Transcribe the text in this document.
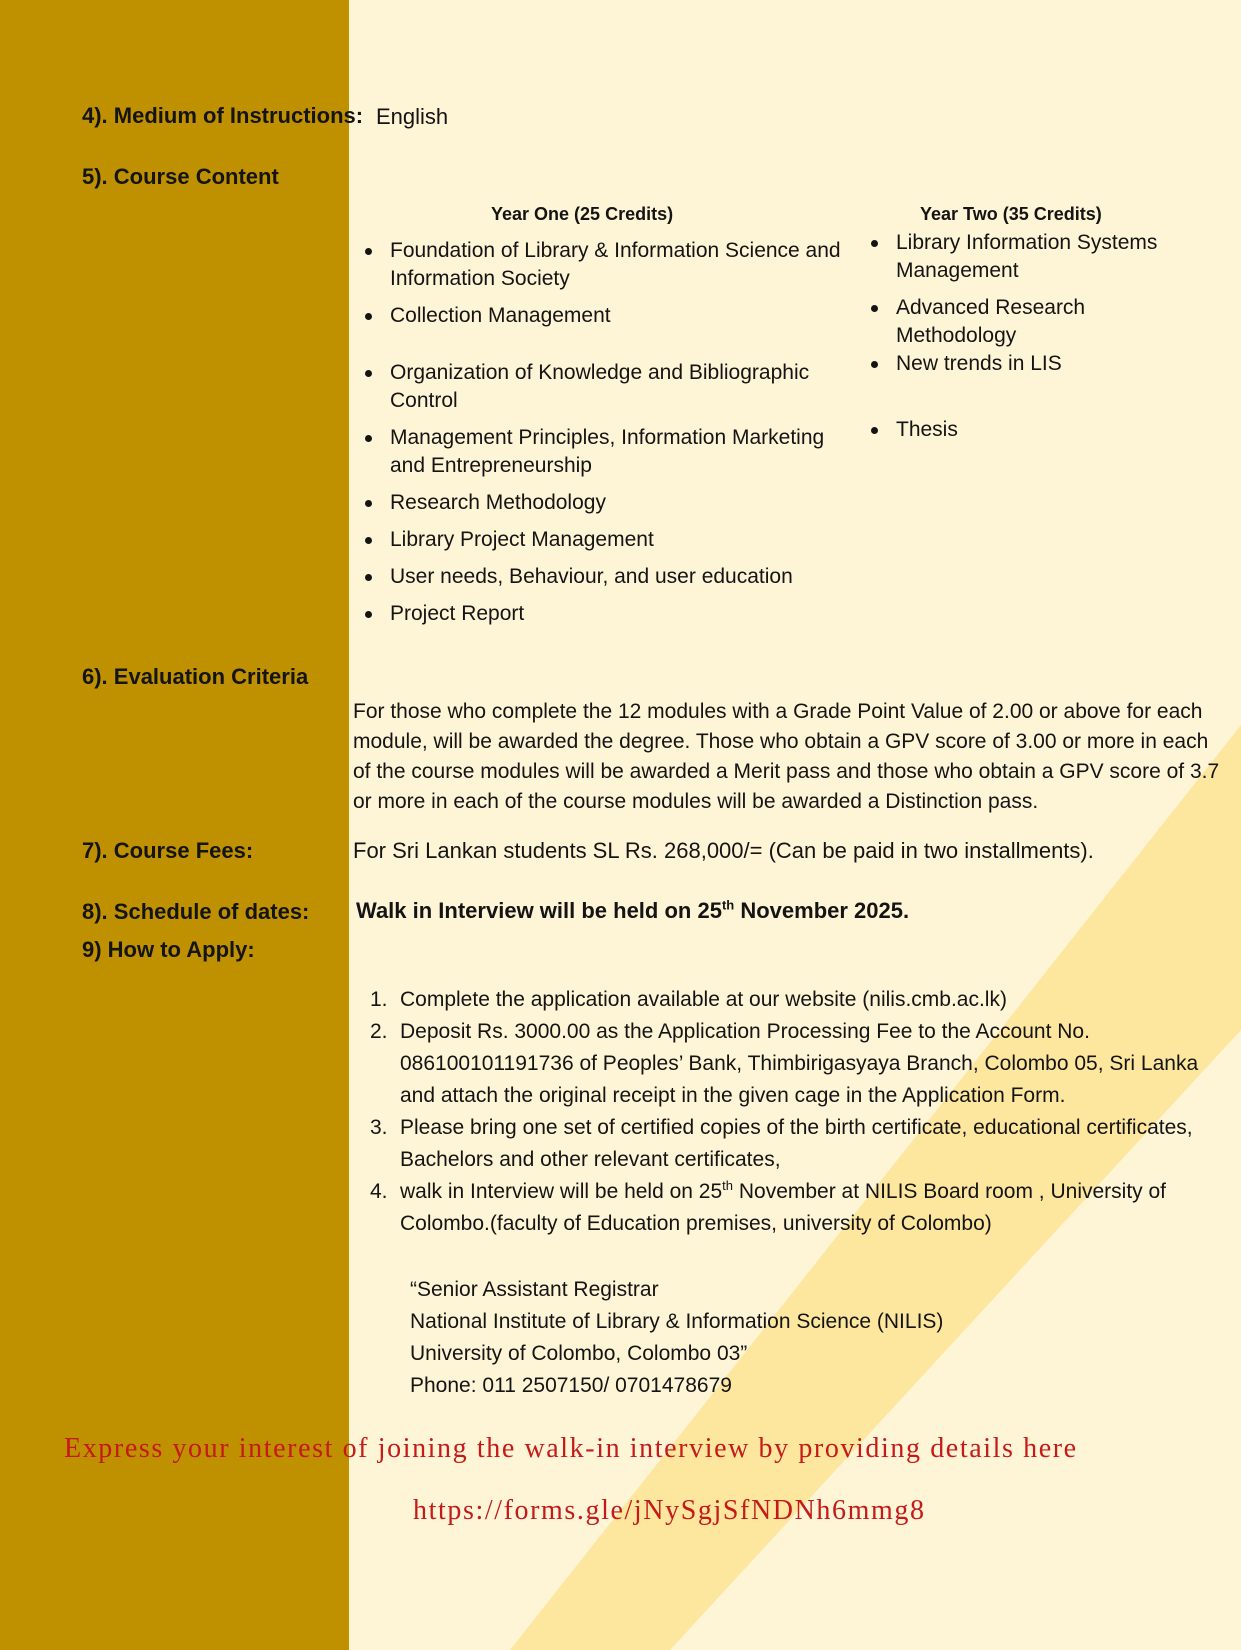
4). Medium of Instructions: English

5). Course Content

Year One (25 Credits)

Foundation of Library & Information Science and Information Society
Collection Management
Organization of Knowledge and Bibliographic Control
Management Principles, Information Marketing and Entrepreneurship
Research Methodology
Library Project Management
User needs, Behaviour, and user education
Project Report

Year Two (35 Credits)

Library Information Systems Management
Advanced Research Methodology
New trends in LIS
Thesis

6). Evaluation Criteria

For those who complete the 12 modules with a Grade Point Value of 2.00 or above for each module, will be awarded the degree. Those who obtain a GPV score of 3.00 or more in each of the course modules will be awarded a Merit pass and those who obtain a GPV score of 3.7 or more in each of the course modules will be awarded a Distinction pass.

7). Course Fees:	For Sri Lankan students SL Rs. 268,000/= (Can be paid in two installments).

8). Schedule of dates: Walk in Interview will be held on 25th November 2025.

9) How to Apply:

1. Complete the application available at our website (nilis.cmb.ac.lk)
2. Deposit Rs. 3000.00 as the Application Processing Fee to the Account No. 086100101191736 of Peoples’ Bank, Thimbirigasyaya Branch, Colombo 05, Sri Lanka and attach the original receipt in the given cage in the Application Form.
3. Please bring one set of certified copies of the birth certificate, educational certificates, Bachelors and other relevant certificates,
4. walk in Interview will be held on 25th November at NILIS Board room , University of Colombo.(faculty of Education premises, university of Colombo)
“Senior Assistant Registrar
National Institute of Library & Information Science (NILIS)
University of Colombo, Colombo 03”
Phone: 011 2507150/ 0701478679

Express your interest of joining the walk-in interview by providing details here

https://forms.gle/jNySgjSfNDNh6mmg8
